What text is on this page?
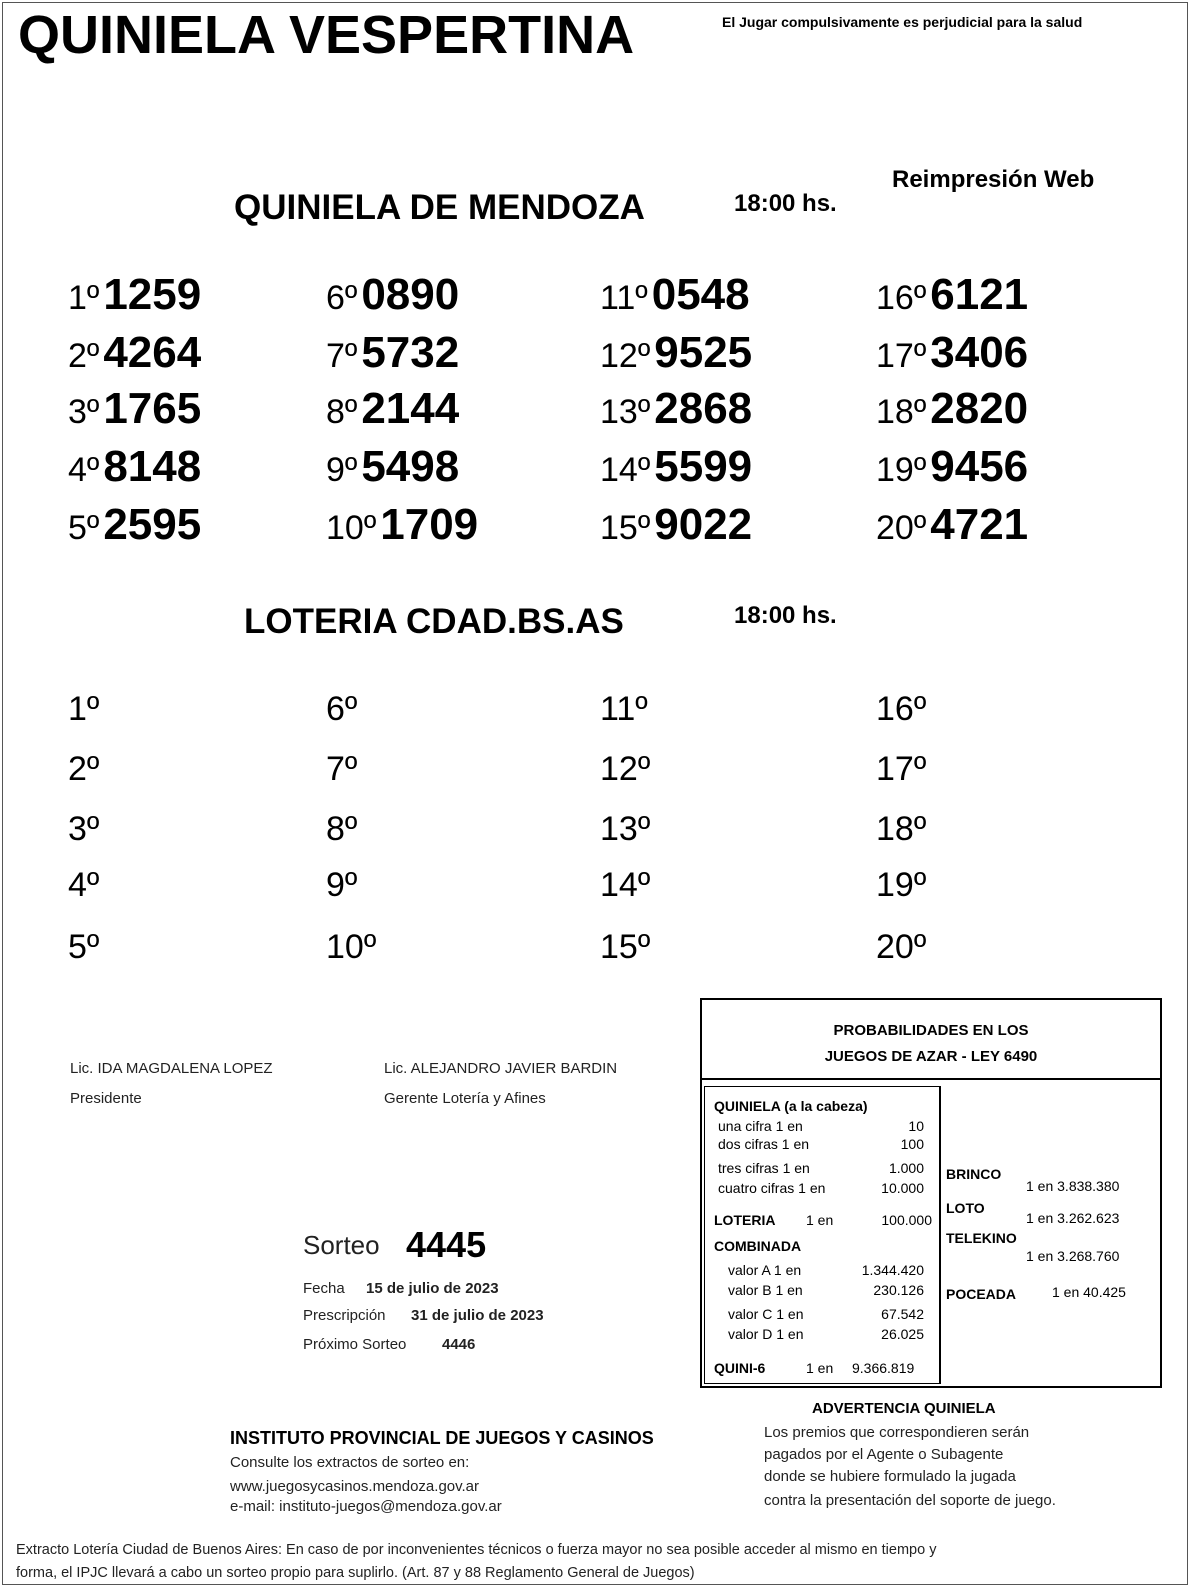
QUINIELA VESPERTINA	El Jugar compulsivamente es perjudicial para la salud
Reimpresión Web
QUINIELA DE MENDOZA	18:00 hs.
1º1259
2º4264
3º1765
4º8148
5º2595
6º0890
7º5732
8º2144
9º5498
10º1709
11º0548
12º9525
13º2868
14º5599
15º9022
16º6121
17º3406
18º2820
19º9456
20º4721
LOTERIA CDAD.BS.AS	18:00 hs.
1º
2º
3º
4º
5º
6º
7º
8º
9º
10º
11º
12º
13º
14º
15º
16º
17º
18º
19º
20º
Lic. IDA MAGDALENA LOPEZ
Presidente
Lic. ALEJANDRO JAVIER BARDIN
Gerente Lotería y Afines
Sorteo 4445
Fecha 15 de julio de 2023
Prescripción 31 de julio de 2023
Próximo Sorteo 4446
PROBABILIDADES EN LOS
JUEGOS DE AZAR - LEY 6490
QUINIELA (a la cabeza)
una cifra 1 en	10
dos cifras 1 en	100
tres cifras 1 en	1.000
cuatro cifras 1 en	10.000
LOTERIA 1 en	100.000
COMBINADA
valor A 1 en	1.344.420
valor B 1 en	230.126
valor C 1 en	67.542
valor D 1 en	26.025
QUINI-6	1 en 9.366.819
BRINCO
1 en 3.838.380
LOTO
1 en 3.262.623
TELEKINO
1 en 3.268.760
POCEADA	1 en 40.425
ADVERTENCIA QUINIELA
Los premios que correspondieren serán
pagados por el Agente o Subagente
donde se hubiere formulado la jugada
contra la presentación del soporte de juego.
INSTITUTO PROVINCIAL DE JUEGOS Y CASINOS
Consulte los extractos de sorteo en:
www.juegosycasinos.mendoza.gov.ar
e-mail: instituto-juegos@mendoza.gov.ar
Extracto Lotería Ciudad de Buenos Aires: En caso de por inconvenientes técnicos o fuerza mayor no sea posible acceder al mismo en tiempo y
forma, el IPJC llevará a cabo un sorteo propio para suplirlo. (Art. 87 y 88 Reglamento General de Juegos)
